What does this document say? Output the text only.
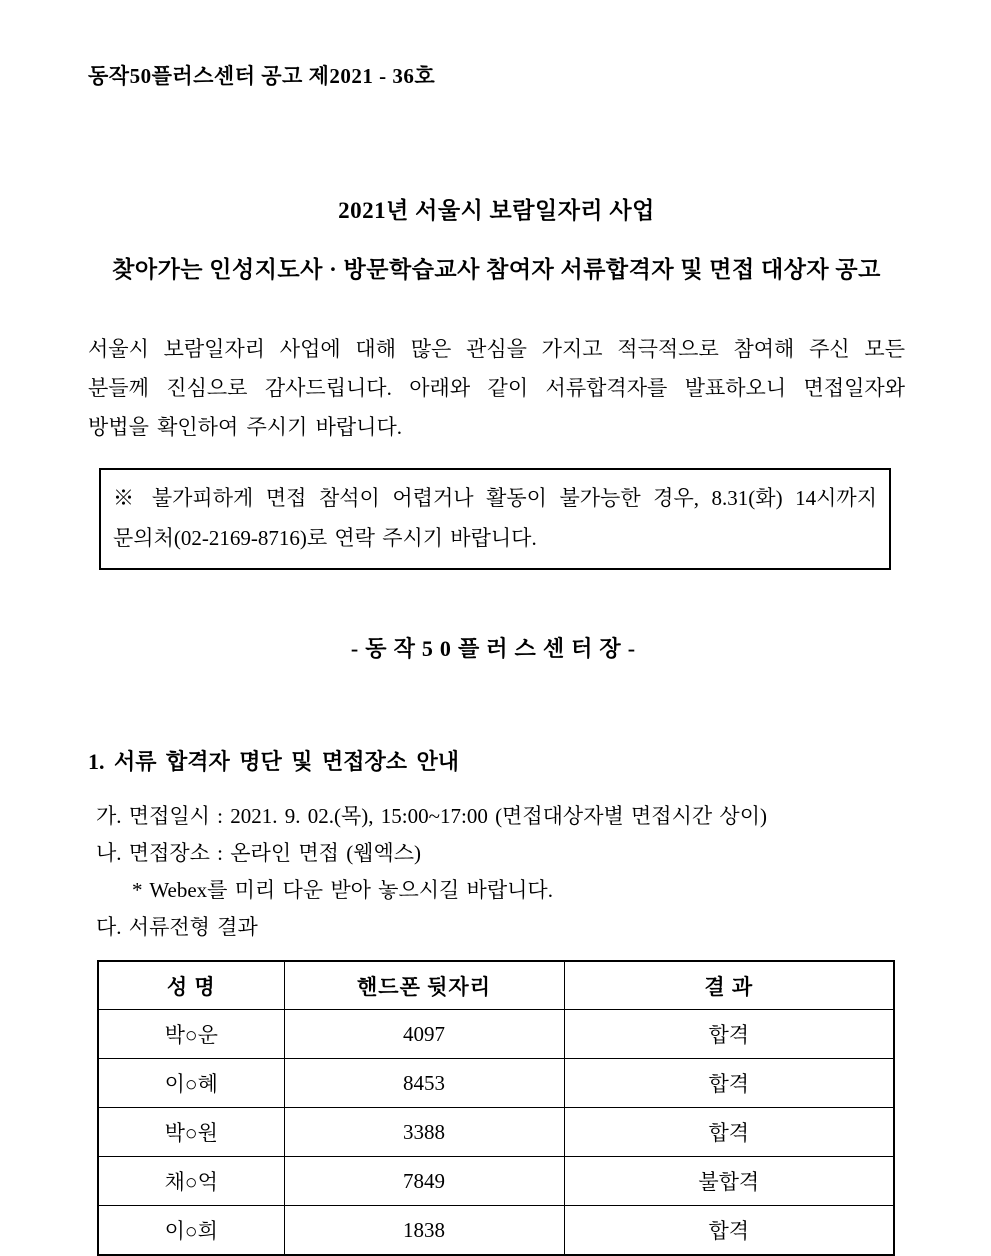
동작50플러스센터 공고 제2021 - 36호
2021년 서울시 보람일자리 사업
찾아가는 인성지도사 · 방문학습교사 참여자 서류합격자 및 면접 대상자 공고

서울시 보람일자리 사업에 대해 많은 관심을 가지고 적극적으로 참여해 주신 모든 분들께 진심으로 감사드립니다. 아래와 같이 서류합격자를 발표하오니 면접일자와 방법을 확인하여 주시기 바랍니다.

※ 불가피하게 면접 참석이 어렵거나 활동이 불가능한 경우, 8.31(화) 14시까지 문의처(02-2169-8716)로 연락 주시기 바랍니다.
-동작50플러스센터장-
1. 서류 합격자 명단 및 면접장소 안내
가. 면접일시 : 2021. 9. 02.(목), 15:00~17:00 (면접대상자별 면접시간 상이)
나. 면접장소 : 온라인 면접 (웹엑스)
* Webex를 미리 다운 받아 놓으시길 바랍니다.
다. 서류전형 결과
성 명	핸드폰 뒷자리	결 과
박○운	4097	합격
이○혜	8453	합격
박○원	3388	합격
채○억	7849	불합격
이○희	1838	합격
